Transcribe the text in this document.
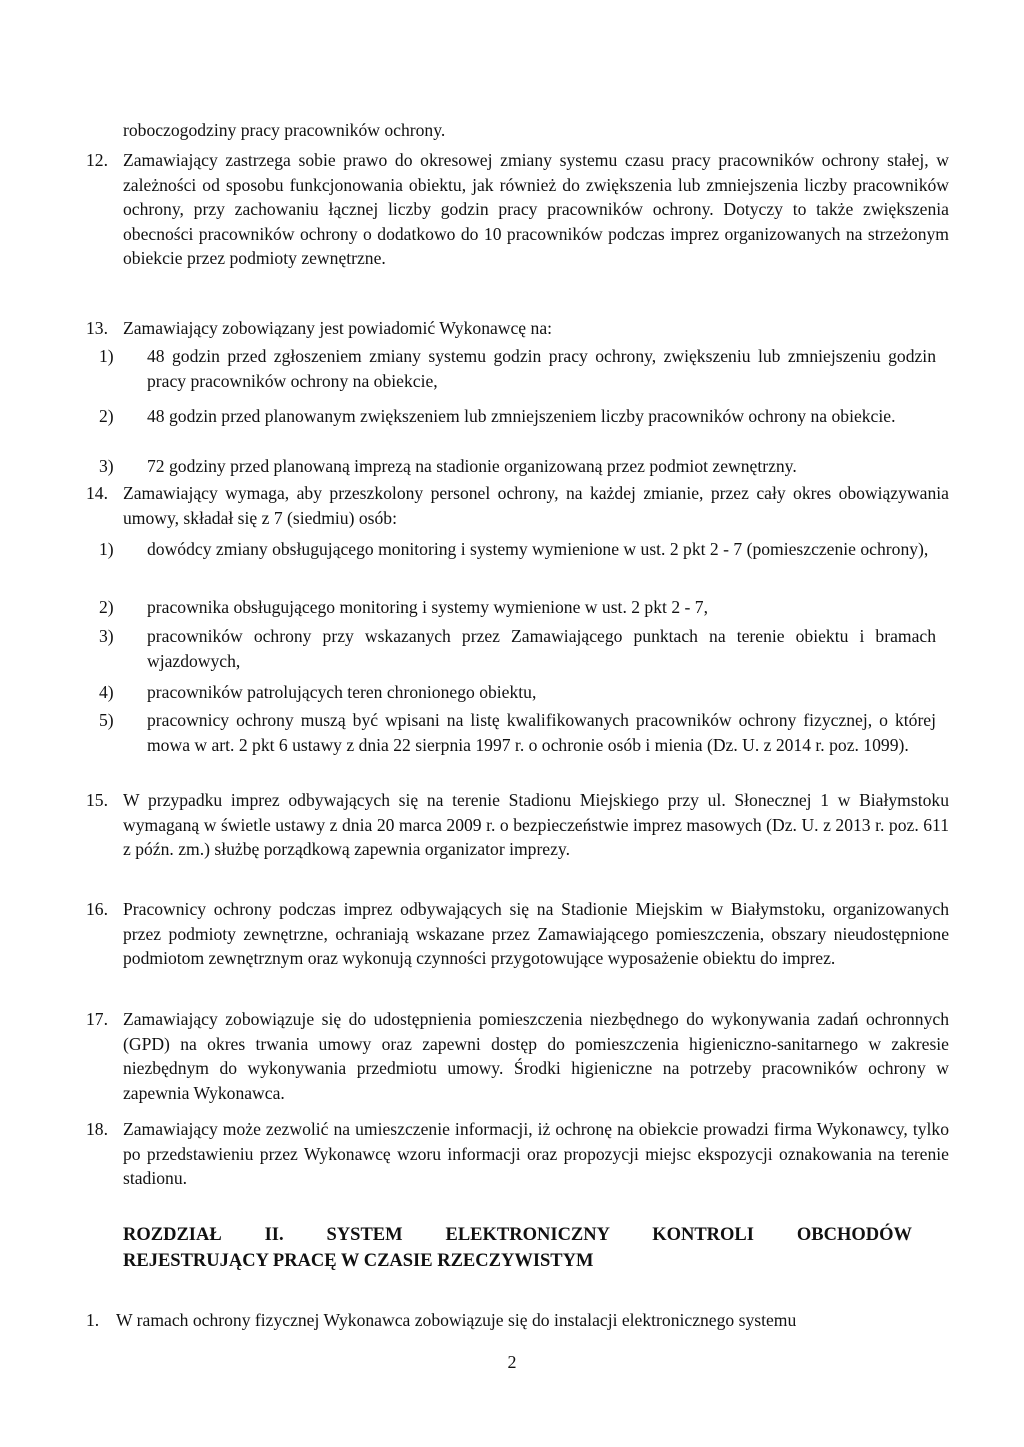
roboczogodziny pracy pracowników ochrony.

12. Zamawiający zastrzega sobie prawo do okresowej zmiany systemu czasu pracy pracowników ochrony stałej, w zależności od sposobu funkcjonowania obiektu, jak również do zwiększenia lub zmniejszenia liczby pracowników ochrony, przy zachowaniu łącznej liczby godzin pracy pracowników ochrony. Dotyczy to także zwiększenia obecności pracowników ochrony o dodatkowo do 10 pracowników podczas imprez organizowanych na strzeżonym obiekcie przez podmioty zewnętrzne.
13. Zamawiający zobowiązany jest powiadomić Wykonawcę na:
1) 48 godzin przed zgłoszeniem zmiany systemu godzin pracy ochrony, zwiększeniu lub zmniejszeniu godzin pracy pracowników ochrony na obiekcie,
2) 48 godzin przed planowanym zwiększeniem lub zmniejszeniem liczby pracowników ochrony na obiekcie.
3) 72 godziny przed planowaną imprezą na stadionie organizowaną przez podmiot zewnętrzny.
14. Zamawiający wymaga, aby przeszkolony personel ochrony, na każdej zmianie, przez cały okres obowiązywania umowy, składał się z 7 (siedmiu) osób:
1) dowódcy zmiany obsługującego monitoring i systemy wymienione w ust. 2 pkt 2 - 7 (pomieszczenie ochrony),
2) pracownika obsługującego monitoring i systemy wymienione w ust. 2 pkt 2 - 7,
3) pracowników ochrony przy wskazanych przez Zamawiającego punktach na terenie obiektu i bramach wjazdowych,
4) pracowników patrolujących teren chronionego obiektu,
5) pracownicy ochrony muszą być wpisani na listę kwalifikowanych pracowników ochrony fizycznej, o której mowa w art. 2 pkt 6 ustawy z dnia 22 sierpnia 1997 r. o ochronie osób i mienia (Dz. U. z 2014 r. poz. 1099).
15. W przypadku imprez odbywających się na terenie Stadionu Miejskiego przy ul. Słonecznej 1 w Białymstoku wymaganą w świetle ustawy z dnia 20 marca 2009 r. o bezpieczeństwie imprez masowych (Dz. U. z 2013 r. poz. 611 z późn. zm.) służbę porządkową zapewnia organizator imprezy.
16. Pracownicy ochrony podczas imprez odbywających się na Stadionie Miejskim w Białymstoku, organizowanych przez podmioty zewnętrzne, ochraniają wskazane przez Zamawiającego pomieszczenia, obszary nieudostępnione podmiotom zewnętrznym oraz wykonują czynności przygotowujące wyposażenie obiektu do imprez.
17. Zamawiający zobowiązuje się do udostępnienia pomieszczenia niezbędnego do wykonywania zadań ochronnych (GPD) na okres trwania umowy oraz zapewni dostęp do pomieszczenia higieniczno-sanitarnego w zakresie niezbędnym do wykonywania przedmiotu umowy. Środki higieniczne na potrzeby pracowników ochrony w zapewnia Wykonawca.
18. Zamawiający może zezwolić na umieszczenie informacji, iż ochronę na obiekcie prowadzi firma Wykonawcy, tylko po przedstawieniu przez Wykonawcę wzoru informacji oraz propozycji miejsc ekspozycji oznakowania na terenie stadionu.
ROZDZIAŁ II. SYSTEM ELEKTRONICZNY KONTROLI OBCHODÓW
REJESTRUJĄCY PRACĘ W CZASIE RZECZYWISTYM
1. W ramach ochrony fizycznej Wykonawca zobowiązuje się do instalacji elektronicznego systemu
2
